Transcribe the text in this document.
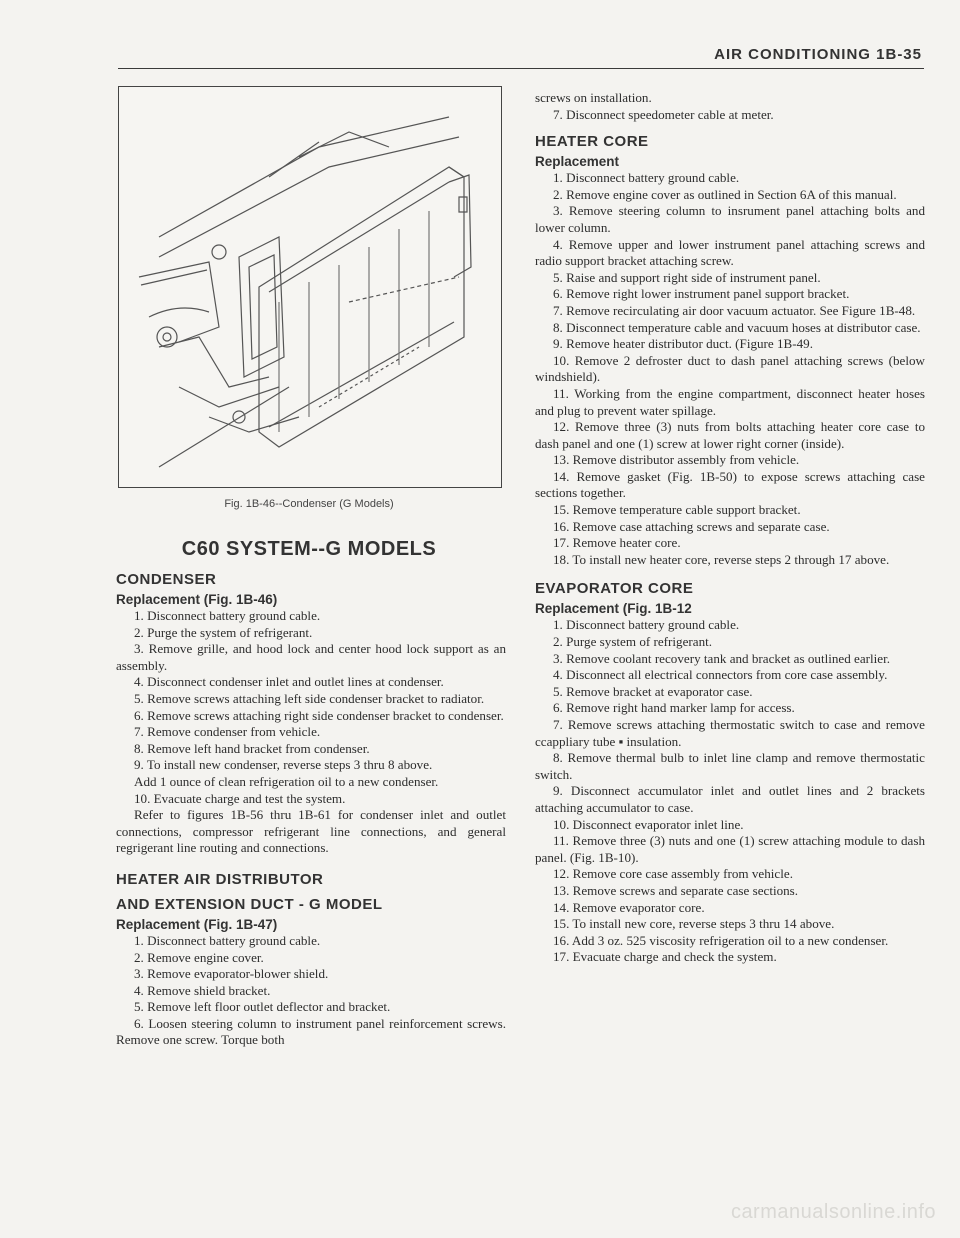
AIR CONDITIONING 1B-35
Fig. 1B-46--Condenser (G Models)
C60 SYSTEM--G MODELS
CONDENSER
Replacement (Fig. 1B-46)

1. Disconnect battery ground cable.

2. Purge the system of refrigerant.

3. Remove grille, and hood lock and center hood lock support as an assembly.

4. Disconnect condenser inlet and outlet lines at condenser.

5. Remove screws attaching left side condenser bracket to radiator.

6. Remove screws attaching right side condenser bracket to condenser.

7. Remove condenser from vehicle.

8. Remove left hand bracket from condenser.

9. To install new condenser, reverse steps 3 thru 8 above.

Add 1 ounce of clean refrigeration oil to a new condenser.

10. Evacuate charge and test the system.

Refer to figures 1B-56 thru 1B-61 for condenser inlet and outlet connections, compressor refrigerant line connections, and general regrigerant line routing and connections.

HEATER AIR DISTRIBUTOR
AND EXTENSION DUCT - G MODEL
Replacement (Fig. 1B-47)

1. Disconnect battery ground cable.

2. Remove engine cover.

3. Remove evaporator-blower shield.

4. Remove shield bracket.

5. Remove left floor outlet deflector and bracket.

6. Loosen steering column to instrument panel reinforcement screws. Remove one screw. Torque both

screws on installation.

7. Disconnect speedometer cable at meter.

HEATER CORE
Replacement

1. Disconnect battery ground cable.

2. Remove engine cover as outlined in Section 6A of this manual.

3. Remove steering column to insrument panel attaching bolts and lower column.

4. Remove upper and lower instrument panel attaching screws and radio support bracket attaching screw.

5. Raise and support right side of instrument panel.

6. Remove right lower instrument panel support bracket.

7. Remove recirculating air door vacuum actuator. See Figure 1B-48.

8. Disconnect temperature cable and vacuum hoses at distributor case.

9. Remove heater distributor duct. (Figure 1B-49.

10. Remove 2 defroster duct to dash panel attaching screws (below windshield).

11. Working from the engine compartment, disconnect heater hoses and plug to prevent water spillage.

12. Remove three (3) nuts from bolts attaching heater core case to dash panel and one (1) screw at lower right corner (inside).

13. Remove distributor assembly from vehicle.

14. Remove gasket (Fig. 1B-50) to expose screws attaching case sections together.

15. Remove temperature cable support bracket.

16. Remove case attaching screws and separate case.

17. Remove heater core.

18. To install new heater core, reverse steps 2 through 17 above.

EVAPORATOR CORE
Replacement (Fig. 1B-12

1. Disconnect battery ground cable.

2. Purge system of refrigerant.

3. Remove coolant recovery tank and bracket as outlined earlier.

4. Disconnect all electrical connectors from core case assembly.

5. Remove bracket at evaporator case.

6. Remove right hand marker lamp for access.

7. Remove screws attaching thermostatic switch to case and remove ccappliary tube ▪ insulation.

8. Remove thermal bulb to inlet line clamp and remove thermostatic switch.

9. Disconnect accumulator inlet and outlet lines and 2 brackets attaching accumulator to case.

10. Disconnect evaporator inlet line.

11. Remove three (3) nuts and one (1) screw attaching module to dash panel. (Fig. 1B-10).

12. Remove core case assembly from vehicle.

13. Remove screws and separate case sections.

14. Remove evaporator core.

15. To install new core, reverse steps 3 thru 14 above.

16. Add 3 oz. 525 viscosity refrigeration oil to a new condenser.

17. Evacuate charge and check the system.

carmanualsonline.info
